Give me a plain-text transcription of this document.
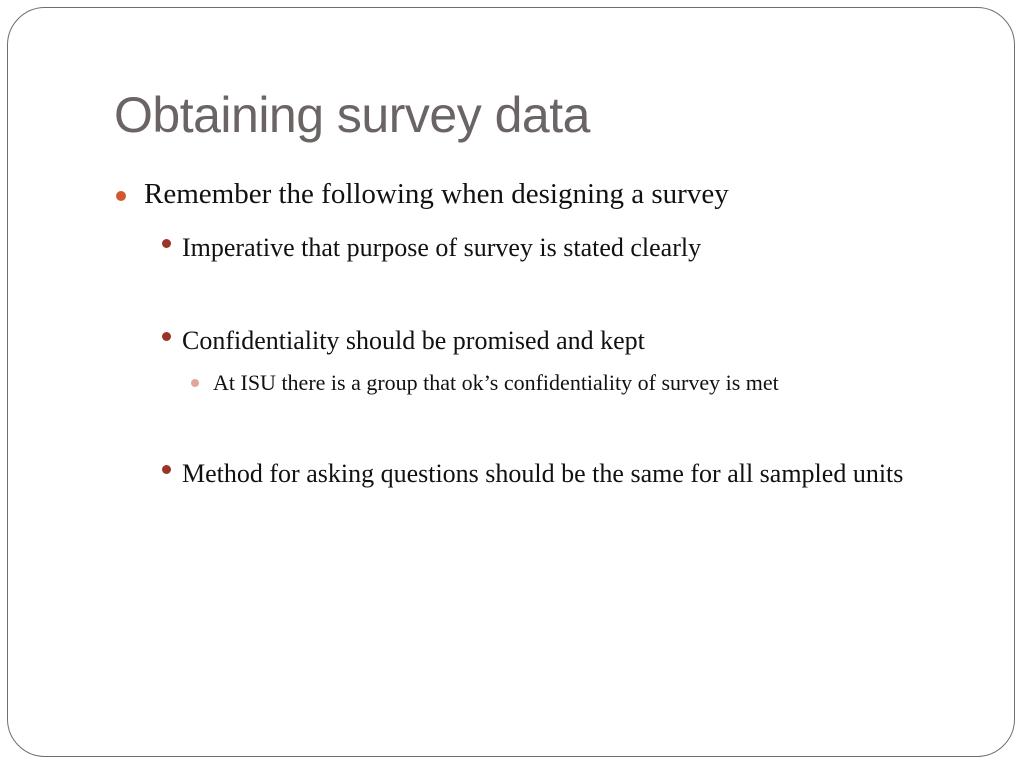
Obtaining survey data
Remember the following when designing a survey
Imperative that purpose of survey is stated clearly
Confidentiality should be promised and kept
At ISU there is a group that ok’s confidentiality of survey is met
Method for asking questions should be the same for all sampled units
